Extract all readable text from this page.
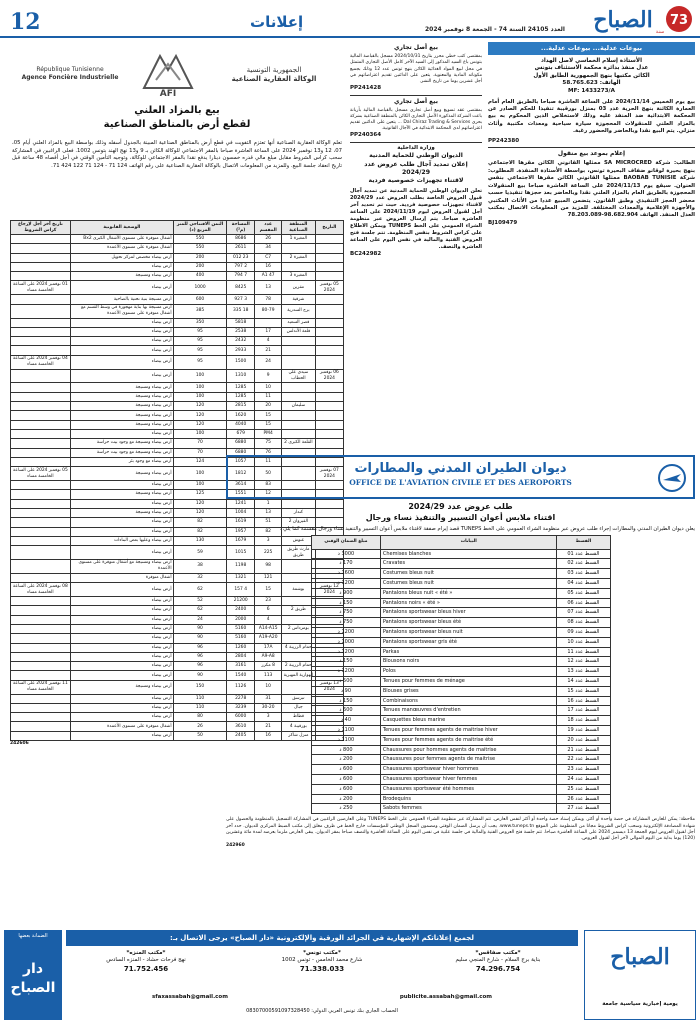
12	إعلانات	العدد 24105 السنة 74 - الجمعة 8 نوفمبر 2024
73
الصباح سنة
بيوعات عدلية... بيوعات عدلية...
الأستاذة إسلام الخماسي لاصل الهداد
عدل منفذ بدائرة محكمة الاستئناف بتونس
الكائن مكتبها بنهج الجمهورية الطابق الأول
الهاتف: 58.765.623
MF: 1433273/A

بيع يوم الخميس 2024/11/14 على الساعة العاشرة صباحا بالطريق العام أمام العمارة الكائنة بنهج الحرية عدد 03 بمنزل بورقيبة تنفيذا للحكم الصادر عن المحكمة الابتدائية ضد المنفذ عليه وذلك لاستخلاص الدين المحكوم به بيع بالمزاد العلني للمنقولات المحجوزة سيارة سياحية ومعدات مكتبية وأثاث منزلي. يتم البيع نقدا وبالحاضر والحضور رغبة.

PP242380
إعلام بموعد بيع منقول

الطالب: شركة SA MICROCRED ممثلها القانوني الكائن مقرها الاجتماعي بنهج بحيرة لوقانو ضفاف البحيرة تونس، بواسطة الأستاذة المنفذة. المطلوب: شركة BAOBAB TUNISIE ممثلها القانوني الكائن مقرها الاجتماعي بنفس العنوان. سيقع يوم 2024/11/13 على الساعة العاشرة صباحا بيع المنقولات المحجوزة بالطريق العام بالمزاد العلني نقدا وبالحاضر بعد حجزها تنفيذيا حسب محضر الحجز التنفيذي وطبق القانون. يتضمن المبيع عددا من الأثاث المكتبي والأجهزة الإعلامية والمعدات المختلفة. للمزيد من المعلومات الاتصال بمكتب العدل المنفذ. الهاتف 98.682.904-78.203.089

BJ109479
بيع أصل تجاري

بمقتضى كتب خطي محرر بتاريخ 2024/10/31 مسجل بالقباضة المالية بتونس باع السيد المذكور إلى السيد الآخر كامل الأصل التجاري المتمثل في محل لبيع المواد الغذائية الكائن بنهج تونس عدد 12 وذلك بجميع مكوناته المادية والمعنوية. يتعين على الدائنين تقديم اعتراضاتهم في أجل عشرين يوما من تاريخ النشر.

PP241428
بيع أصل تجاري

بمقتضى عقد تسويغ وبيع أصل تجاري مسجل بالقباضة المالية بأريانة باعت الشركة المذكورة الأصل التجاري الكائن بالمنطقة الصناعية بشركة بحري Dal Chiraz Trading & Services ... يتعين على الدائنين تقديم اعتراضاتهم لدى المحكمة الابتدائية في الآجال القانونية.

PP240364
وزارة الداخلية
الديوان الوطني للحماية المدنية
إعلان تمديد آجال طلب عروض عدد 2024/29
لاقتناء تجهيزات خصوصية فردية

تعلن الديوان الوطني للحماية المدنية عن تمديد آجال قبول العروض الخاصة بطلب العروض عدد 2024/29 لاقتناء تجهيزات خصوصية فردية. حيث تم تحديد آخر أجل لقبول العروض ليوم 2024/11/19 على الساعة العاشرة صباحا. يتم إرسال العروض عبر منظومة الشراء العمومي على الخط TUNEPS ويمكن الاطلاع على كراس الشروط بنفس المنظومة. تتم جلسة فتح العروض الفنية والمالية في نفس اليوم على الساعة العاشرة والنصف.

BC242982
République Tunisienne
Agence Foncière Industrielle
AFI
الجمهورية التونسية
الوكالة العقارية الصناعية
بيع بالمزاد العلني
لقطع أرض بالمناطق الصناعية

تعلم الوكالة العقارية الصناعية أنها تعتزم التفويت في قطع أرض بالمناطق الصناعية المبينة بالجدول أسفله وذلك بواسطة البيع بالمزاد العلني أيام 05، 07، 12 و13 نوفمبر 2024 على الساعة العاشرة صباحا بالمقر الاجتماعي للوكالة الكائن بـ 9 و13 نهج الهند بتونس 1002. فعلى الراغبين في المشاركة سحب كراس الشروط مقابل مبلغ مالي قدره خمسون دينارا يدفع نقدا بالمقر الاجتماعي للوكالة، وتوجيه التأمين الوقتي في أجل أقصاه 48 ساعة قبل تاريخ انعقاد جلسة البيع. وللمزيد من المعلومات الاتصال بالوكالة العقارية الصناعية على رقم الهاتف 124 71 - 124 71 122 424 71.

التاريخ	المنطقة الصناعية	عدد المقسم	المساحة (م²)	الثمن الافتتاحي للمتر المربع (د)	الوضعية القانونية	تاريخ آخر أجل لإرجاع كراس الشروط
	المغيرة 1	26	8686	550	أشغال متوفرة على مستوى الأشغال الكبرى Bx2	
		34	2611	550	أشغال متوفرة على مستوى الأعمدة	
	المغيرة 2	C7	23 012	200	أرض بيضاء مخصص لمركز تحويل	
		16	2 797	200	أرض بيضاء	
	المغيرة 3	A1 47	7 794	400	أرض بيضاء ومسيجة	
05 نوفمبر 2024	مقرين	13	8425	1000	أرض بيضاء	01 نوفمبر 2024 على الساعة الخامسة مساء
	شرقية	78	3 927	600	أرض مسيجة بنية تحتية بالضاحية	
	برج السدرية	80-79	18 335	385	أرض مسيجة بها بناية مهجورة في وسط القسم مع أشغال متوفرة على مستوى الأعمدة	
	قصر السعيد		5818	350	أرض بيضاء	
	قلعة الأندلس	17	2538	95	أرض بيضاء	
		4	2432	95	أرض بيضاء	
		21	2933	95	أرض بيضاء	
		24	1500	95	أرض بيضاء	04 نوفمبر 2024 على الساعة الخامسة مساء
06 نوفمبر 2024	سيدي علي الحطاب	9	1310	100	أرض بيضاء	
		10	1285	100	أرض بيضاء ومسيجة	
		11	1285	100	أرض بيضاء ومسيجة	
	سليمان	20	2815	120	أرض بيضاء ومسيجة	
		15	1620	120	أرض بيضاء ومسيجة	
		15	4040	120	أرض بيضاء ومسيجة	
		PM4	679	100	أرض بيضاء	
	القلعة الكبرى 2	75	6880	70	أرض بيضاء ومسيجة مع وجود بيت حراسة	
		76	6880	70	أرض بيضاء ومسيجة مع وجود بيت حراسة	
		11	1057	124	أرض بيضاء مع وجود بئر	
07 نوفمبر 2024		50	1812	100	أرض بيضاء ومسيجة	05 نوفمبر 2024 على الساعة الخامسة مساء
		83	3614	100	أرض بيضاء	
		12	1551	125	أرض بيضاء ومسيجة	
		1	1241	120	أرض بيضاء	
	كندار	13	1004	120	أرض بيضاء ومسيجة	
	القيروان 2	51	1619	82	أرض بيضاء	
		82	1957	82	أرض بيضاء	
	غنوش	3	1679	130	أرض بيضاء وعليها بعض البناءات	
	مارث طريق طريق	225	1015	59	أرض بيضاء	
		98	1198	38	أرض بيضاء ومسيجة مع أشغال متوفرة على مستوى الأعمدة	
		121	1321	32	أشغال متوفرة	
12 نوفمبر 2024	بوشمة	15	4 157	62	أرض بيضاء	08 نوفمبر 2024 على الساعة الخامسة مساء
		23	21200	52	أرض بيضاء	
	طريق 2	6	2400	62	أرض بيضاء	
		4	2000	24	أرض بيضاء	
	بومرداس 2	A14-A15	5160	90	أرض بيضاء	
		A19-A20	5160	90	أرض بيضاء	
	حمام الزريبة 4	17A	1260	96	أرض بيضاء	
		A9-A8	2804	96	أرض بيضاء	
	حمام الزريبة 2	8 مكرر	3161	96	أرض بيضاء	
	الهوارية المهيرية	113	1540	90	أرض بيضاء	
13 نوفمبر 2024		10	1126	150	أرض بيضاء ومسيجة	11 نوفمبر 2024 على الساعة الخامسة مساء
	تبرسق	31	2278	110	أرض بيضاء	
	جبال	30-20	3239	110	أرض بيضاء	
	قطاط	3	6000	80	أرض بيضاء	
	بورقيبة 4	21	3610	26	أشغال متوفرة على مستوى الأعمدة	
	منزل شاكر	16	2405	50	أرض بيضاء	
242606
ديوان الطيران المدني والمطارات
OFFICE DE L'AVIATION CIVILE ET DES AEROPORTS
طلب عروض عدد 2024/29
اقتناء ملابس أعوان التسيير والتنفيذ نساء ورجال

يعلن ديوان الطيران المدني والمطارات إجراء طلب عروض عبر منظومة الشراء العمومي على الخط TUNEPS قصد إبرام صفقة لاقتناء ملابس أعوان التسيير والتنفيذ نساء ورجال مقسمة كما يلي :

القسط	البيانات	مبلغ الضمان الوقتي
القسط عدد 01	Chemises blanches	3000 د
القسط عدد 02	Cravates	170 د
القسط عدد 03	Costumes bleus nuit	1600 د
القسط عدد 04	Costumes bleus nuit	1200 د
القسط عدد 05	Pantalons bleus nuit « été »	900 د
القسط عدد 06	Pantalons noirs « été »	150 د
القسط عدد 07	Pantalons sportswear bleus hiver	750 د
القسط عدد 08	Pantalons sportswear bleus été	750 د
القسط عدد 09	Pantalons sportswear bleus nuit	1200 د
القسط عدد 10	Pantalons sportswear gris été	1000 د
القسط عدد 11	Parkas	1200 د
القسط عدد 12	Blousons noirs	150 د
القسط عدد 13	Polos	1200 د
القسط عدد 14	Tenues pour femmes de ménage	500 د
القسط عدد 15	Blouses grises	90 د
القسط عدد 16	Combinaisons	150 د
القسط عدد 17	Tenues manœuvres d'entretien	600 د
القسط عدد 18	Casquettes bleus marine	40 د
القسط عدد 19	Tenues pour femmes agents de maitrise hiver	1100 د
القسط عدد 20	Tenues pour femmes agents de maitrise été	1100 د
القسط عدد 21	Chaussures pour hommes agents de maitrise	800 د
القسط عدد 22	Chaussures pour femmes agents de maitrise	200 د
القسط عدد 23	Chaussures sportswear hiver hommes	600 د
القسط عدد 24	Chaussures sportswear hiver femmes	600 د
القسط عدد 25	Chaussures sportswear été hommes	600 د
القسط عدد 26	Brodequins	200 د
القسط عدد 27	Sabots femmes	250 د

ملاحظة: يمكن للعارض المشاركة في حصة واحدة أو أكثر. ويمكن إسناد حصة واحدة أو أكثر لنفس العارض. تتم المشاركة عبر منظومة الشراء العمومي على الخط TUNEPS وعلى العارضين الراغبين في المشاركة التسجيل بالمنظومة والحصول على شهادة المصادقة الإلكترونية وسحب كراس الشروط مجانا من المنظومة على الموقع www.tuneps.tn. يجب أن يرسل الضمان الوقتي ومضمون السجل الوطني للمؤسسات خارج الخط في ظرف مغلق إلى مكتب الضبط المركزي للديوان. حدد آخر أجل لقبول العروض ليوم الجمعة 13 ديسمبر 2024 على الساعة العاشرة صباحا. تتم جلسة فتح العروض الفنية والمالية في جلسة علنية في نفس اليوم على الساعة العاشرة والنصف صباحا بمقر الديوان. يبقى العارض ملزما بعرضه لمدة مائة وعشرين (120) يوما بداية من اليوم الموالي لآخر أجل لقبول العروض.

242960
الضمانة بعضها
دار الصباح
لجميع إعلاناتكم الإشهارية في الجرائد الورقية والإلكترونية «دار الصباح» يرجى الاتصال بـ:
*مكتب المنزه*
نهج فرحات حشاد - المنزه السادس
71.752.456
*مكتب تونس*
شارع محمد الخامس - تونس 1002
71.338.033
*مكتب صفاقس*
بناية برج السلام - شارع المنجي سليم
74.296.754
sfaxassabah@gmail.com	publicite.assabah@gmail.com
الحساب الجاري بنك تونس العربي الدولي: 08307000591097328450
الصباح
يومية إخبارية سياسية جامعة
